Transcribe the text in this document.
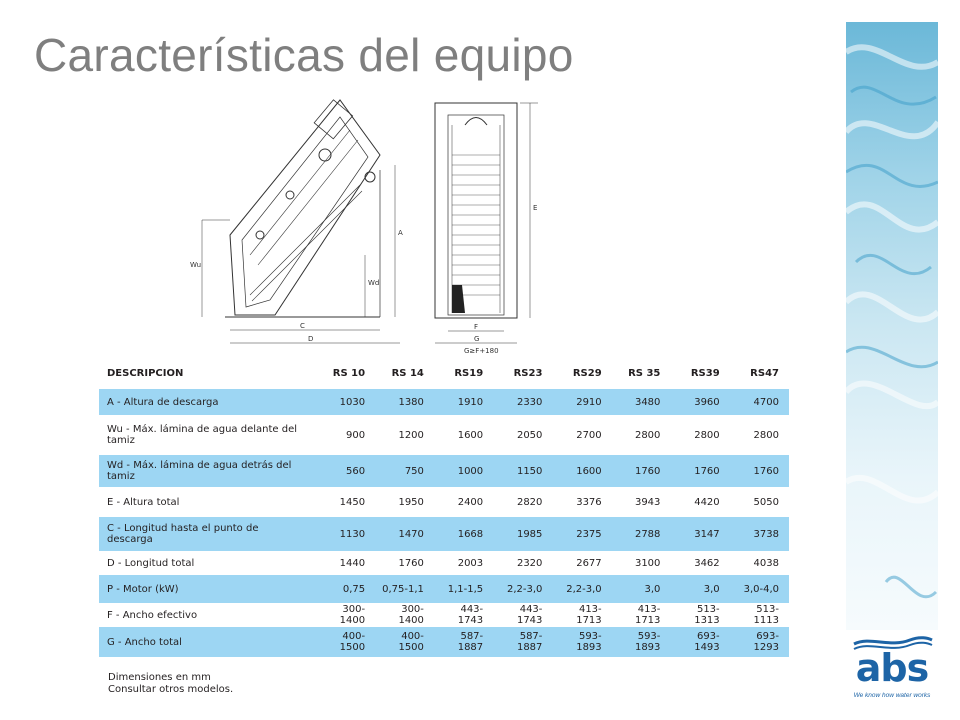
Características del equipo
Wu
A
Wd
C
D
E
F
G
G≥F+180
DESCRIPCION	RS 10	RS 14	RS19	RS23	RS29	RS 35	RS39	RS47
A - Altura de descarga	1030	1380	1910	2330	2910	3480	3960	4700
Wu - Máx. lámina de agua delante del tamiz	900	1200	1600	2050	2700	2800	2800	2800
Wd - Máx. lámina de agua detrás del tamiz	560	750	1000	1150	1600	1760	1760	1760
E - Altura total	1450	1950	2400	2820	3376	3943	4420	5050
C - Longitud hasta el punto de descarga	1130	1470	1668	1985	2375	2788	3147	3738
D - Longitud total	1440	1760	2003	2320	2677	3100	3462	4038
P - Motor (kW)	0,75	0,75-1,1	1,1-1,5	2,2-3,0	2,2-3,0	3,0	3,0	3,0-4,0
F - Ancho efectivo	300-1400	300-1400	443-1743	443-1743	413-1713	413-1713	513-1313	513-1113
G - Ancho total	400-1500	400-1500	587-1887	587-1887	593-1893	593-1893	693-1493	693-1293
Dimensiones en mm
Consultar otros modelos.	abs
We know how water works
